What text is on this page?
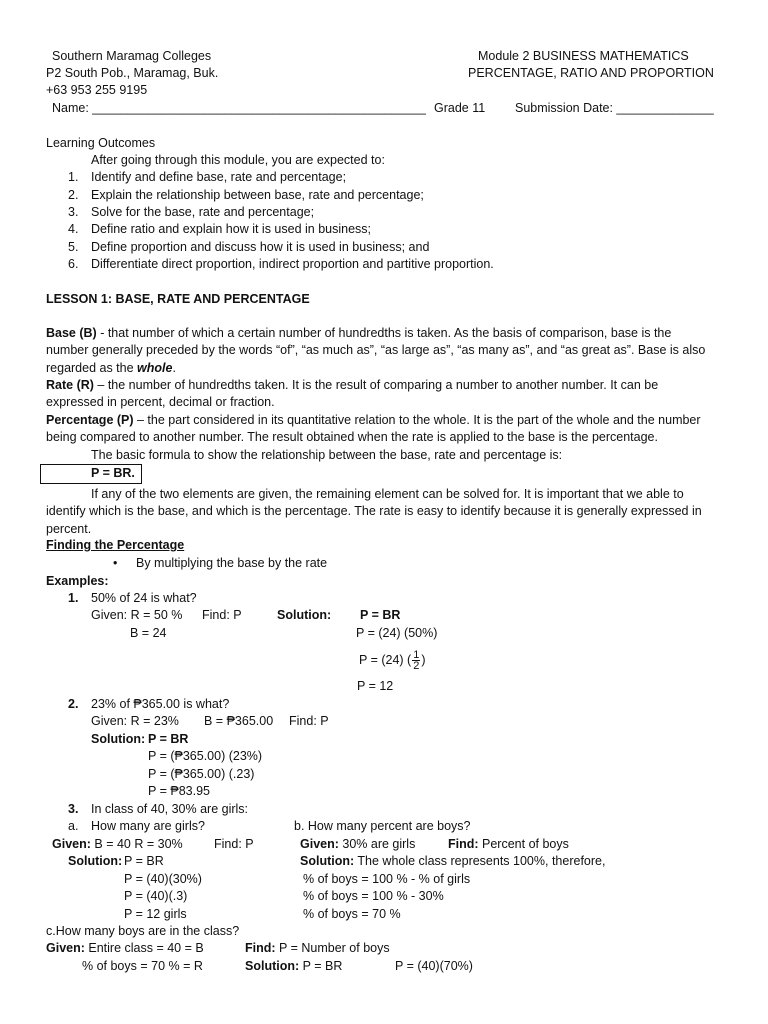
Southern Maramag Colleges
P2 South Pob., Maramag, Buk.
+63 953 255 9195
Module 2 BUSINESS MATHEMATICS
PERCENTAGE, RATIO AND PROPORTION
Name: ________________________________________________ Grade 11 Submission Date: ______________
Learning Outcomes
After going through this module, you are expected to:
1. Identify and define base, rate and percentage;
2. Explain the relationship between base, rate and percentage;
3. Solve for the base, rate and percentage;
4. Define ratio and explain how it is used in business;
5. Define proportion and discuss how it is used in business; and
6. Differentiate direct proportion, indirect proportion and partitive proportion.
LESSON 1: BASE, RATE AND PERCENTAGE
Base (B) - that number of which a certain number of hundredths is taken. As the basis of comparison, base is the number generally preceded by the words “of”, “as much as”, “as large as”, “as many as”, and “as great as”. Base is also regarded as the whole.
Rate (R) – the number of hundredths taken. It is the result of comparing a number to another number. It can be expressed in percent, decimal or fraction.
Percentage (P) – the part considered in its quantitative relation to the whole. It is the part of the whole and the number being compared to another number. The result obtained when the rate is applied to the base is the percentage.
The basic formula to show the relationship between the base, rate and percentage is:
P = BR.
If any of the two elements are given, the remaining element can be solved for. It is important that we able to identify which is the base, and which is the percentage. The rate is easy to identify because it is generally expressed in percent.
Finding the Percentage
• By multiplying the base by the rate
Examples:
1. 50% of 24 is what?
Given: R = 50 % Find: P	Solution: P = BR
B = 24	P = (24) (50%)
P = (24) ( $\frac{1}{2}$ )
P = 12
2. 23% of ₱365.00 is what?
Given: R = 23% B = ₱365.00 Find: P
Solution: P = BR
P = (₱365.00) (23%)
P = (₱365.00) (.23)
P = ₱83.95
3. In class of 40, 30% are girls:
a. How many are girls?
Given: B = 40 R = 30%	Find: P
Solution: P = BR
P = (40)(30%)
P = (40)(.3)
P = 12 girls
b. How many percent are boys?
Given: 30% are girls	Find: Percent of boys
Solution: The whole class represents 100%, therefore,
% of boys = 100 % - % of girls
% of boys = 100 % - 30%
% of boys = 70 %
c.How many boys are in the class?
Given: Entire class = 40 = B	Find: P = Number of boys
% of boys = 70 % = R	Solution: P = BR	P = (40)(70%)
